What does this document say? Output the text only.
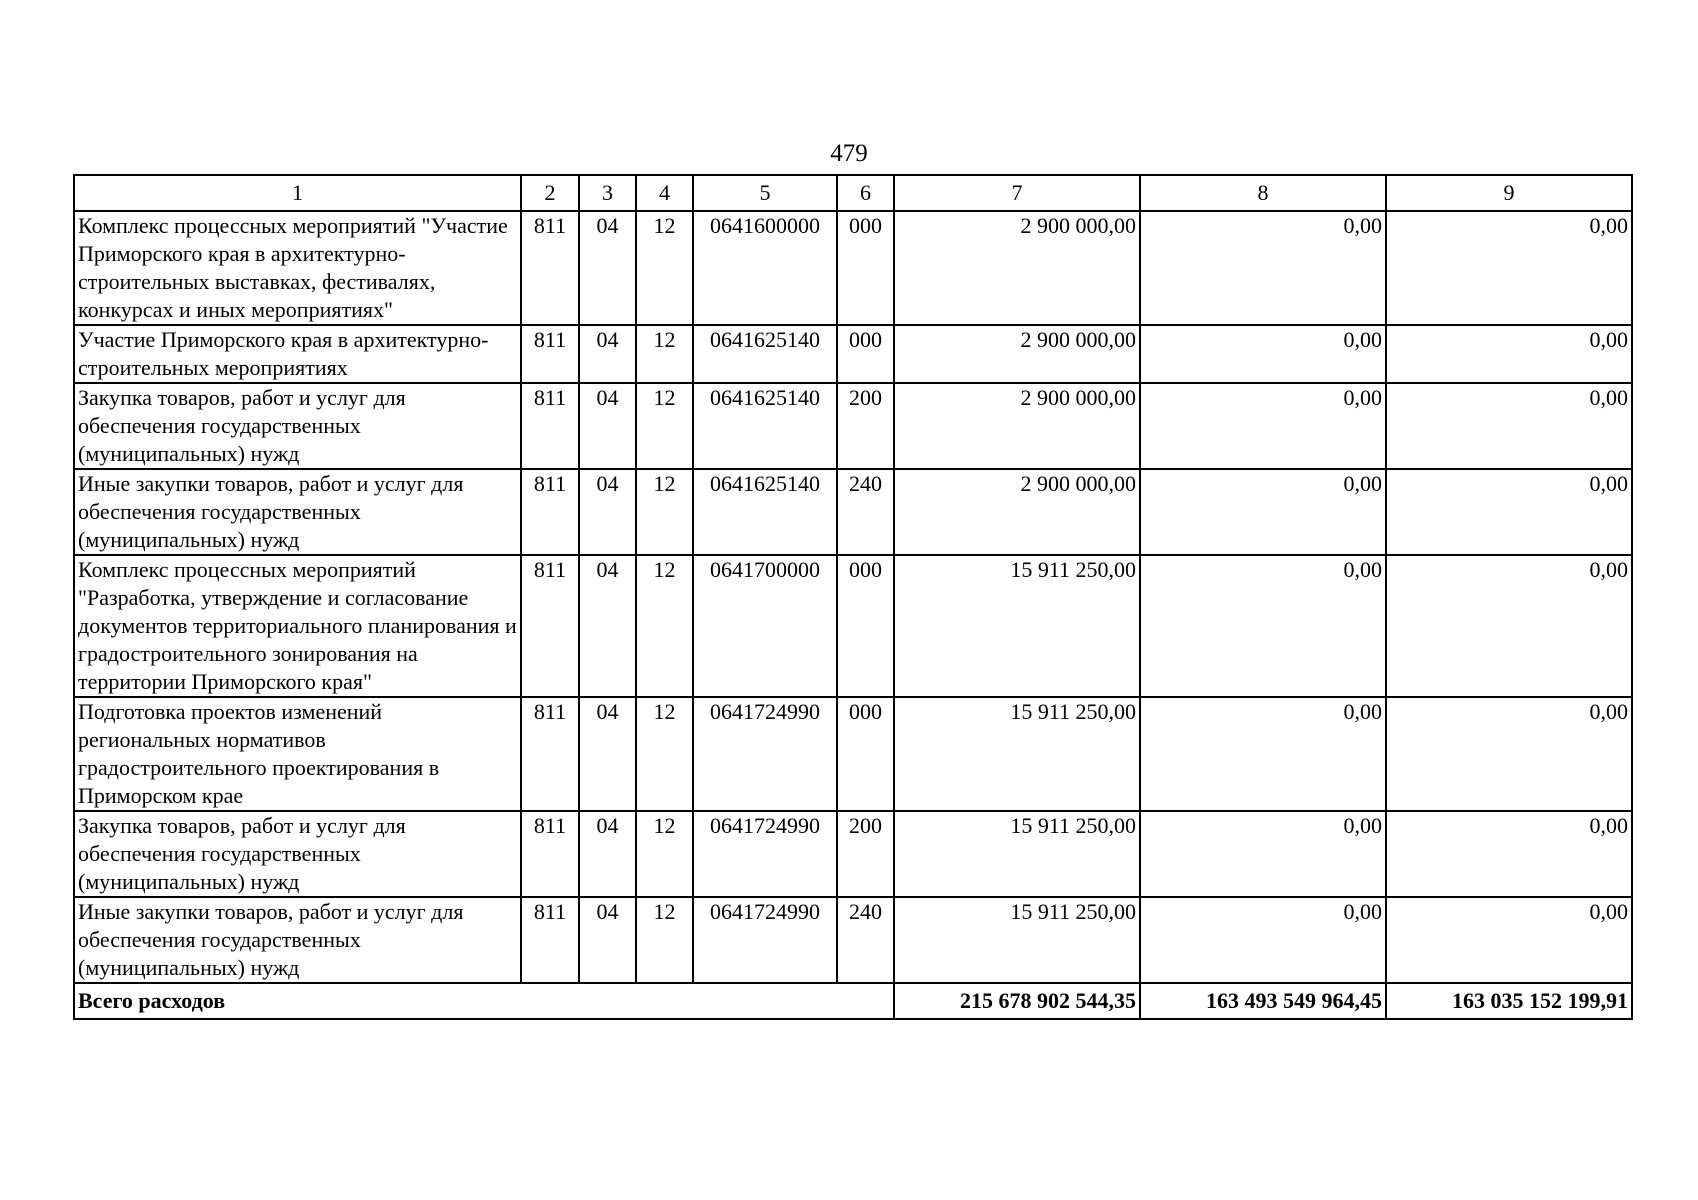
479
1	2	3	4	5	6	7	8	9
Комплекс процессных мероприятий "Участие Приморского края в архитектурно-строительных выставках, фестивалях, конкурсах и иных мероприятиях"	811	04	12	0641600000	000	2 900 000,00	0,00	0,00
Участие Приморского края в архитектурно-строительных мероприятиях	811	04	12	0641625140	000	2 900 000,00	0,00	0,00
Закупка товаров, работ и услуг для обеспечения государственных (муниципальных) нужд	811	04	12	0641625140	200	2 900 000,00	0,00	0,00
Иные закупки товаров, работ и услуг для обеспечения государственных (муниципальных) нужд	811	04	12	0641625140	240	2 900 000,00	0,00	0,00
Комплекс процессных мероприятий "Разработка, утверждение и согласование документов территориального планирования и градостроительного зонирования на территории Приморского края"	811	04	12	0641700000	000	15 911 250,00	0,00	0,00
Подготовка проектов изменений региональных нормативов градостроительного проектирования в Приморском крае	811	04	12	0641724990	000	15 911 250,00	0,00	0,00
Закупка товаров, работ и услуг для обеспечения государственных (муниципальных) нужд	811	04	12	0641724990	200	15 911 250,00	0,00	0,00
Иные закупки товаров, работ и услуг для обеспечения государственных (муниципальных) нужд	811	04	12	0641724990	240	15 911 250,00	0,00	0,00
Всего расходов						215 678 902 544,35	163 493 549 964,45	163 035 152 199,91
